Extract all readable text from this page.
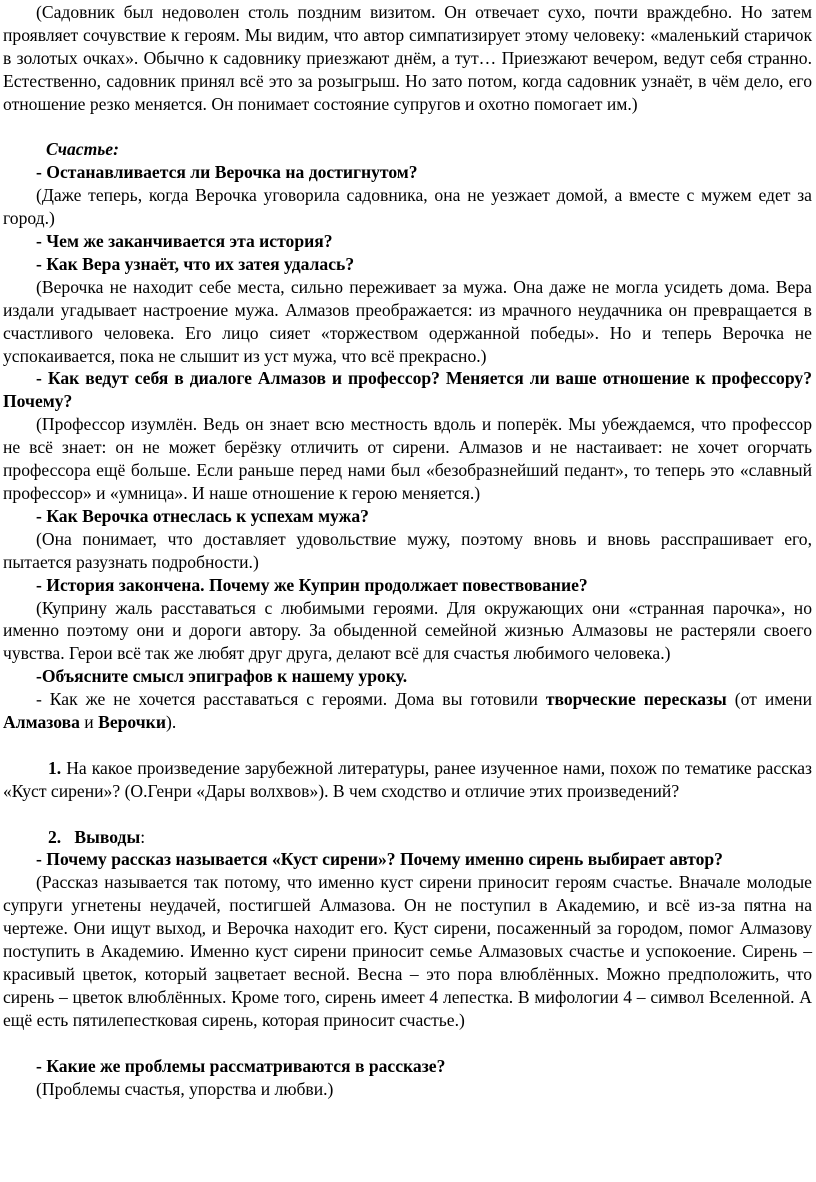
(Садовник был недоволен столь поздним визитом. Он отвечает сухо, почти враждебно. Но затем проявляет сочувствие к героям. Мы видим, что автор симпатизирует этому человеку: «маленький старичок в золотых очках». Обычно к садовнику приезжают днём, а тут… Приезжают вечером, ведут себя странно. Естественно, садовник принял всё это за розыгрыш. Но зато потом, когда садовник узнаёт, в чём дело, его отношение резко меняется. Он понимает состояние супругов и охотно помогает им.)

Счастье:

- Останавливается ли Верочка на достигнутом?

(Даже теперь, когда Верочка уговорила садовника, она не уезжает домой, а вместе с мужем едет за город.)

- Чем же заканчивается эта история?

- Как Вера узнаёт, что их затея удалась?

(Верочка не находит себе места, сильно переживает за мужа. Она даже не могла усидеть дома. Вера издали угадывает настроение мужа. Алмазов преображается: из мрачного неудачника он превращается в счастливого человека. Его лицо сияет «торжеством одержанной победы». Но и теперь Верочка не успокаивается, пока не слышит из уст мужа, что всё прекрасно.)

- Как ведут себя в диалоге Алмазов и профессор? Меняется ли ваше отношение к профессору? Почему?

(Профессор изумлён. Ведь он знает всю местность вдоль и поперёк. Мы убеждаемся, что профессор не всё знает: он не может берёзку отличить от сирени. Алмазов и не настаивает: не хочет огорчать профессора ещё больше. Если раньше перед нами был «безобразнейший педант», то теперь это «славный профессор» и «умница». И наше отношение к герою меняется.)

- Как Верочка отнеслась к успехам мужа?

(Она понимает, что доставляет удовольствие мужу, поэтому вновь и вновь расспрашивает его, пытается разузнать подробности.)

- История закончена. Почему же Куприн продолжает повествование?

(Куприну жаль расставаться с любимыми героями. Для окружающих они «странная парочка», но именно поэтому они и дороги автору. За обыденной семейной жизнью Алмазовы не растеряли своего чувства. Герои всё так же любят друг друга, делают всё для счастья любимого человека.)

-Объясните смысл эпиграфов к нашему уроку.

- Как же не хочется расставаться с героями. Дома вы готовили творческие пересказы (от имени Алмазова и Верочки).

1. На какое произведение зарубежной литературы, ранее изученное нами, похож по тематике рассказ «Куст сирени»? (О.Генри «Дары волхвов»). В чем сходство и отличие этих произведений?

2. Выводы:

- Почему рассказ называется «Куст сирени»? Почему именно сирень выбирает автор?

(Рассказ называется так потому, что именно куст сирени приносит героям счастье. Вначале молодые супруги угнетены неудачей, постигшей Алмазова. Он не поступил в Академию, и всё из-за пятна на чертеже. Они ищут выход, и Верочка находит его. Куст сирени, посаженный за городом, помог Алмазову поступить в Академию. Именно куст сирени приносит семье Алмазовых счастье и успокоение. Сирень – красивый цветок, который зацветает весной. Весна – это пора влюблённых. Можно предположить, что сирень – цветок влюблённых. Кроме того, сирень имеет 4 лепестка. В мифологии 4 – символ Вселенной. А ещё есть пятилепестковая сирень, которая приносит счастье.)

- Какие же проблемы рассматриваются в рассказе?

(Проблемы счастья, упорства и любви.)
